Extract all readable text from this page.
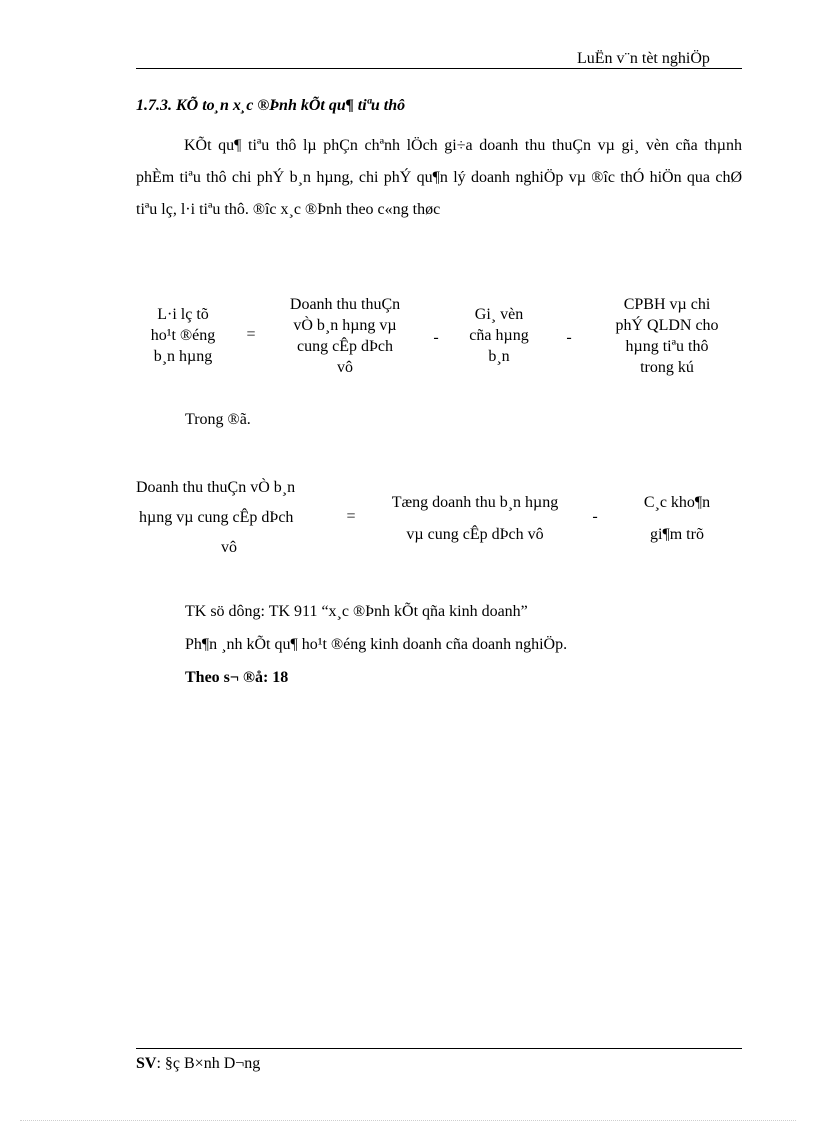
LuËn v¨n tèt nghiÖp
1.7.3. KÕ to¸n x¸c ®Þnh kÕt qu¶ tiªu thô

KÕt qu¶ tiªu thô lµ phÇn chªnh lÖch gi÷a doanh thu thuÇn vµ gi¸ vèn cña thµnh phÈm tiªu thô chi phÝ b¸n hµng, chi phÝ qu¶n lý doanh nghiÖp vµ ®îc thÓ hiÖn qua chØ tiªu lç, l·i tiªu thô. ®îc x¸c ®Þnh theo c«ng thøc

L·i lç tõ
ho¹t ®éng
b¸n hµng
=
Doanh thu thuÇn
vÒ b¸n hµng vµ
cung cÊp dÞch
vô
-
Gi¸ vèn
cña hµng
b¸n
-
CPBH vµ chi
phÝ QLDN cho
hµng tiªu thô
trong kú
Trong ®ã.
Doanh thu thuÇn vÒ b¸n
hµng vµ cung cÊp dÞch
vô
=
Tæng doanh thu b¸n hµng
vµ cung cÊp dÞch vô
-
C¸c kho¶n
gi¶m trõ
TK sö dông: TK 911 “x¸c ®Þnh kÕt qña kinh doanh”
Ph¶n ¸nh kÕt qu¶ ho¹t ®éng kinh doanh cña doanh nghiÖp.
Theo s¬ ®å: 18
SV: §ç B×nh D¬ng
